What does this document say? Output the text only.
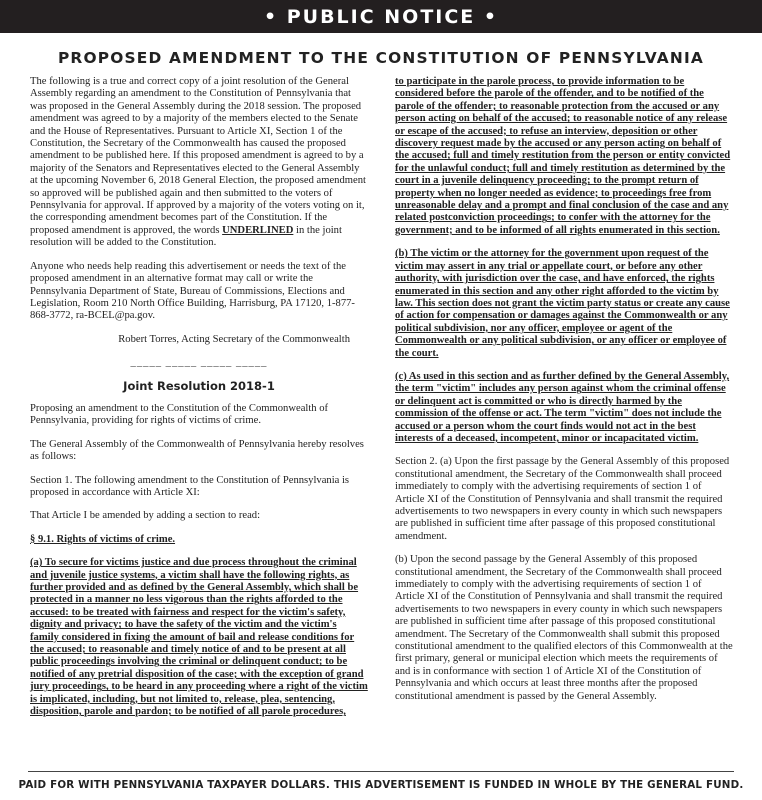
• PUBLIC NOTICE •
PROPOSED AMENDMENT TO THE CONSTITUTION OF PENNSYLVANIA

The following is a true and correct copy of a joint resolution of the General Assembly regarding an amendment to the Constitution of Pennsylvania that was proposed in the General Assembly during the 2018 session. The proposed amendment was agreed to by a majority of the members elected to the Senate and the House of Representatives. Pursuant to Article XI, Section 1 of the Constitution, the Secretary of the Commonwealth has caused the proposed amendment to be published here. If this proposed amendment is agreed to by a majority of the Senators and Representatives elected to the General Assembly at the upcoming November 6, 2018 General Election, the proposed amendment so approved will be published again and then submitted to the voters of Pennsylvania for approval. If approved by a majority of the voters voting on it, the corresponding amendment becomes part of the Constitution. If the proposed amendment is approved, the words UNDERLINED in the joint resolution will be added to the Constitution.

Anyone who needs help reading this advertisement or needs the text of the proposed amendment in an alternative format may call or write the Pennsylvania Department of State, Bureau of Commissions, Elections and Legislation, Room 210 North Office Building, Harrisburg, PA 17120, 1-877-868-3772, ra-BCEL@pa.gov.

Robert Torres, Acting Secretary of the Commonwealth

_____ _____ _____ _____
Joint Resolution 2018-1

Proposing an amendment to the Constitution of the Commonwealth of Pennsylvania, providing for rights of victims of crime.

The General Assembly of the Commonwealth of Pennsylvania hereby resolves as follows:

Section 1. The following amendment to the Constitution of Pennsylvania is proposed in accordance with Article XI:

That Article I be amended by adding a section to read:

§ 9.1. Rights of victims of crime.

(a) To secure for victims justice and due process throughout the criminal and juvenile justice systems, a victim shall have the following rights, as further provided and as defined by the General Assembly, which shall be protected in a manner no less vigorous than the rights afforded to the accused: to be treated with fairness and respect for the victim's safety, dignity and privacy; to have the safety of the victim and the victim's family considered in fixing the amount of bail and release conditions for the accused; to reasonable and timely notice of and to be present at all public proceedings involving the criminal or delinquent conduct; to be notified of any pretrial disposition of the case; with the exception of grand jury proceedings, to be heard in any proceeding where a right of the victim is implicated, including, but not limited to, release, plea, sentencing, disposition, parole and pardon; to be notified of all parole procedures,

to participate in the parole process, to provide information to be considered before the parole of the offender, and to be notified of the parole of the offender; to reasonable protection from the accused or any person acting on behalf of the accused; to reasonable notice of any release or escape of the accused; to refuse an interview, deposition or other discovery request made by the accused or any person acting on behalf of the accused; full and timely restitution from the person or entity convicted for the unlawful conduct; full and timely restitution as determined by the court in a juvenile delinquency proceeding; to the prompt return of property when no longer needed as evidence; to proceedings free from unreasonable delay and a prompt and final conclusion of the case and any related postconviction proceedings; to confer with the attorney for the government; and to be informed of all rights enumerated in this section.

(b) The victim or the attorney for the government upon request of the victim may assert in any trial or appellate court, or before any other authority, with jurisdiction over the case, and have enforced, the rights enumerated in this section and any other right afforded to the victim by law. This section does not grant the victim party status or create any cause of action for compensation or damages against the Commonwealth or any political subdivision, nor any officer, employee or agent of the Commonwealth or any political subdivision, or any officer or employee of the court.

(c) As used in this section and as further defined by the General Assembly, the term "victim" includes any person against whom the criminal offense or delinquent act is committed or who is directly harmed by the commission of the offense or act. The term "victim" does not include the accused or a person whom the court finds would not act in the best interests of a deceased, incompetent, minor or incapacitated victim.

Section 2. (a) Upon the first passage by the General Assembly of this proposed constitutional amendment, the Secretary of the Commonwealth shall proceed immediately to comply with the advertising requirements of section 1 of Article XI of the Constitution of Pennsylvania and shall transmit the required advertisements to two newspapers in every county in which such newspapers are published in sufficient time after passage of this proposed constitutional amendment.

(b) Upon the second passage by the General Assembly of this proposed constitutional amendment, the Secretary of the Commonwealth shall proceed immediately to comply with the advertising requirements of section 1 of Article XI of the Constitution of Pennsylvania and shall transmit the required advertisements to two newspapers in every county in which such newspapers are published in sufficient time after passage of this proposed constitutional amendment. The Secretary of the Commonwealth shall submit this proposed constitutional amendment to the qualified electors of this Commonwealth at the first primary, general or municipal election which meets the requirements of and is in conformance with section 1 of Article XI of the Constitution of Pennsylvania and which occurs at least three months after the proposed constitutional amendment is passed by the General Assembly.

PAID FOR WITH PENNSYLVANIA TAXPAYER DOLLARS. THIS ADVERTISEMENT IS FUNDED IN WHOLE BY THE GENERAL FUND.
